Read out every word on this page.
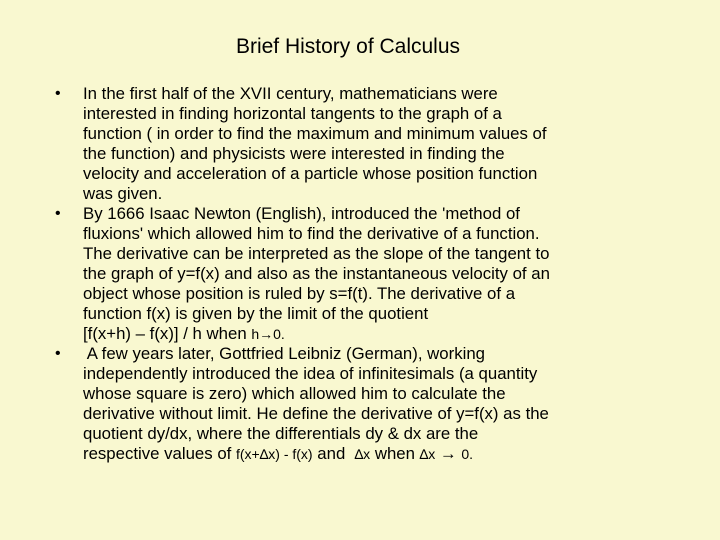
Brief History of Calculus
• In the first half of the XVII century, mathematicians were
interested in finding horizontal tangents to the graph of a
function ( in order to find the maximum and minimum values of
the function) and physicists were interested in finding the
velocity and acceleration of a particle whose position function
was given.
• By 1666 Isaac Newton (English), introduced the 'method of
fluxions' which allowed him to find the derivative of a function.
The derivative can be interpreted as the slope of the tangent to
the graph of y=f(x) and also as the instantaneous velocity of an
object whose position is ruled by s=f(t). The derivative of a
function f(x) is given by the limit of the quotient
[f(x+h) – f(x)] / h when h→0.
• A few years later, Gottfried Leibniz (German), working
independently introduced the idea of infinitesimals (a quantity
whose square is zero) which allowed him to calculate the
derivative without limit. He define the derivative of y=f(x) as the
quotient dy/dx, where the differentials dy & dx are the
respective values of f(x+∆x) - f(x) and  ∆x when ∆x → 0.
